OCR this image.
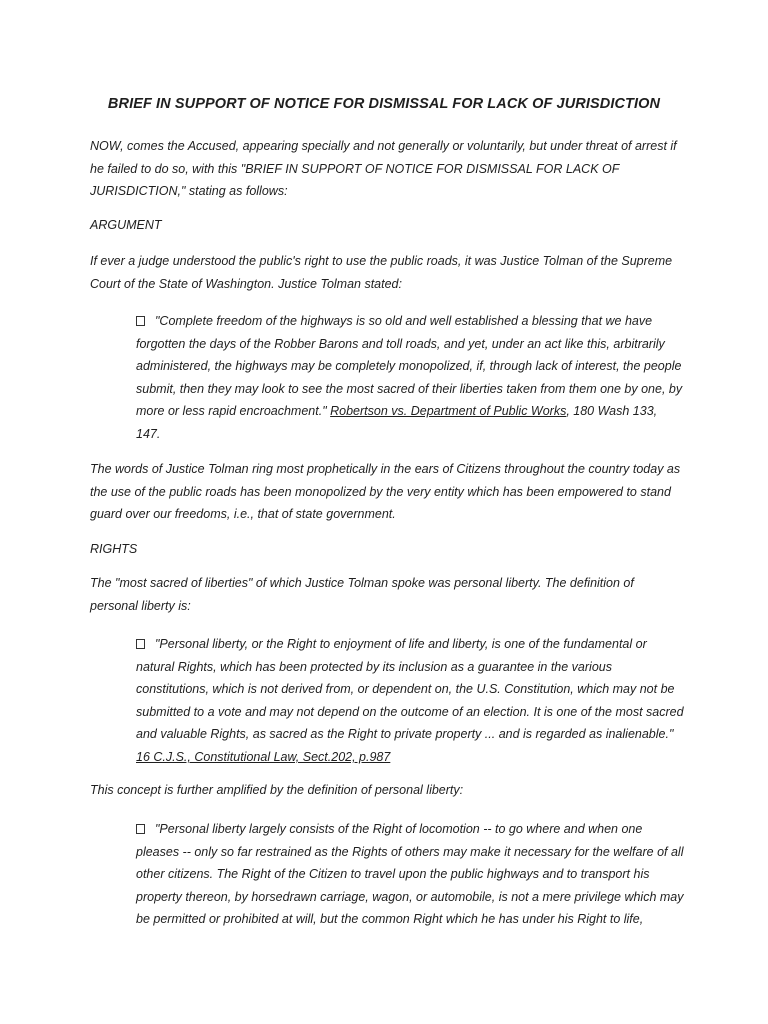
BRIEF IN SUPPORT OF NOTICE FOR DISMISSAL FOR LACK OF JURISDICTION

NOW, comes the Accused, appearing specially and not generally or voluntarily, but under threat of arrest if he failed to do so, with this "BRIEF IN SUPPORT OF NOTICE FOR DISMISSAL FOR LACK OF JURISDICTION," stating as follows:

ARGUMENT

If ever a judge understood the public's right to use the public roads, it was Justice Tolman of the Supreme Court of the State of Washington. Justice Tolman stated:

"Complete freedom of the highways is so old and well established a blessing that we have forgotten the days of the Robber Barons and toll roads, and yet, under an act like this, arbitrarily administered, the highways may be completely monopolized, if, through lack of interest, the people submit, then they may look to see the most sacred of their liberties taken from them one by one, by more or less rapid encroachment." Robertson vs. Department of Public Works, 180 Wash 133, 147.

The words of Justice Tolman ring most prophetically in the ears of Citizens throughout the country today as the use of the public roads has been monopolized by the very entity which has been empowered to stand guard over our freedoms, i.e., that of state government.

RIGHTS

The "most sacred of liberties" of which Justice Tolman spoke was personal liberty. The definition of personal liberty is:

"Personal liberty, or the Right to enjoyment of life and liberty, is one of the fundamental or natural Rights, which has been protected by its inclusion as a guarantee in the various constitutions, which is not derived from, or dependent on, the U.S. Constitution, which may not be submitted to a vote and may not depend on the outcome of an election. It is one of the most sacred and valuable Rights, as sacred as the Right to private property ... and is regarded as inalienable." 16 C.J.S., Constitutional Law, Sect.202, p.987

This concept is further amplified by the definition of personal liberty:

"Personal liberty largely consists of the Right of locomotion -- to go where and when one pleases -- only so far restrained as the Rights of others may make it necessary for the welfare of all other citizens. The Right of the Citizen to travel upon the public highways and to transport his property thereon, by horsedrawn carriage, wagon, or automobile, is not a mere privilege which may be permitted or prohibited at will, but the common Right which he has under his Right to life,
